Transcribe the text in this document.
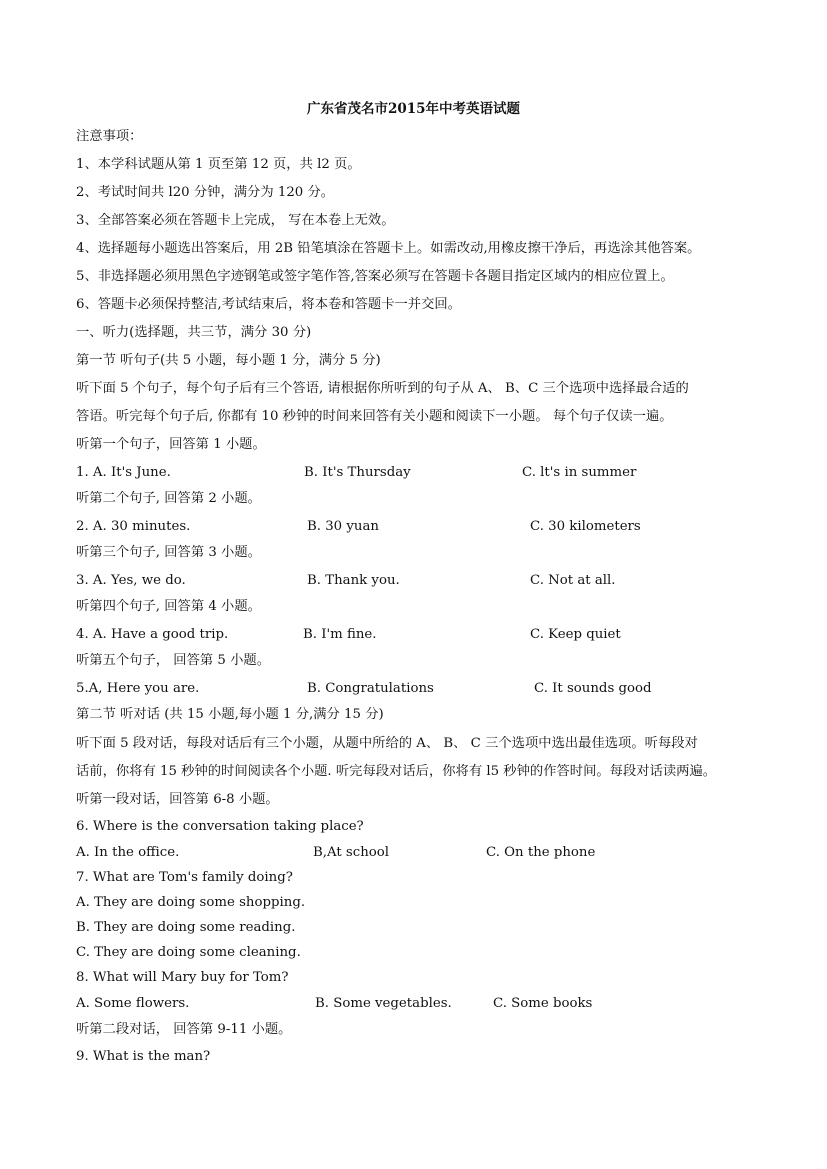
广东省茂名市2015年中考英语试题
注意事项：
1、本学科试题从第 1 页至第 12 页，共 l2 页。
2、考试时间共 l20 分钟，满分为 120 分。
3、全部答案必须在答题卡上完成， 写在本卷上无效。
4、选择题每小题选出答案后，用 2B 铅笔填涂在答题卡上。如需改动,用橡皮擦干净后，再选涂其他答案。
5、非选择题必须用黑色字迹钢笔或签字笔作答,答案必须写在答题卡各题目指定区域内的相应位置上。
6、答题卡必须保持整洁,考试结束后，将本卷和答题卡一并交回。
一、听力(选择题，共三节，满分 30 分)
第一节 听句子(共 5 小题，每小题 1 分，满分 5 分)
听下面 5 个句子，每个句子后有三个答语, 请根据你所听到的句子从 A、 B、C 三个选项中选择最合适的
答语。听完每个句子后, 你都有 10 秒钟的时间来回答有关小题和阅读下一小题。 每个句子仅读一遍。
听第一个句子，回答第 1 小题。
1. A. It's June.	B. It's Thursday	C. lt's in summer
听第二个句子, 回答第 2 小题。
2. A. 30 minutes.	B. 30 yuan	C. 30 kilometers
听第三个句子, 回答第 3 小题。
3. A. Yes, we do.	B. Thank you.	C. Not at all.
听第四个句子, 回答第 4 小题。
4. A. Have a good trip.	B. I'm fine.	C. Keep quiet
听第五个句子， 回答第 5 小题。
5.A, Here you are.	B. Congratulations	C. It sounds good
第二节 听对话 (共 15 小题,每小题 1 分,满分 15 分)
听下面 5 段对话，每段对话后有三个小题，从题中所给的 A、 B、 C 三个选项中选出最佳选项。听每段对
话前，你将有 15 秒钟的时间阅读各个小题. 听完每段对话后，你将有 l5 秒钟的作答时间。每段对话读两遍。
听第一段对话，回答第 6-8 小题。
6. Where is the conversation taking place?
A. In the office.	B,At school	C. On the phone
7. What are Tom's family doing?
A. They are doing some shopping.
B. They are doing some reading.
C. They are doing some cleaning.
8. What will Mary buy for Tom?
A. Some flowers.	B. Some vegetables.	C. Some books
听第二段对话， 回答第 9-11 小题。
9. What is the man?
